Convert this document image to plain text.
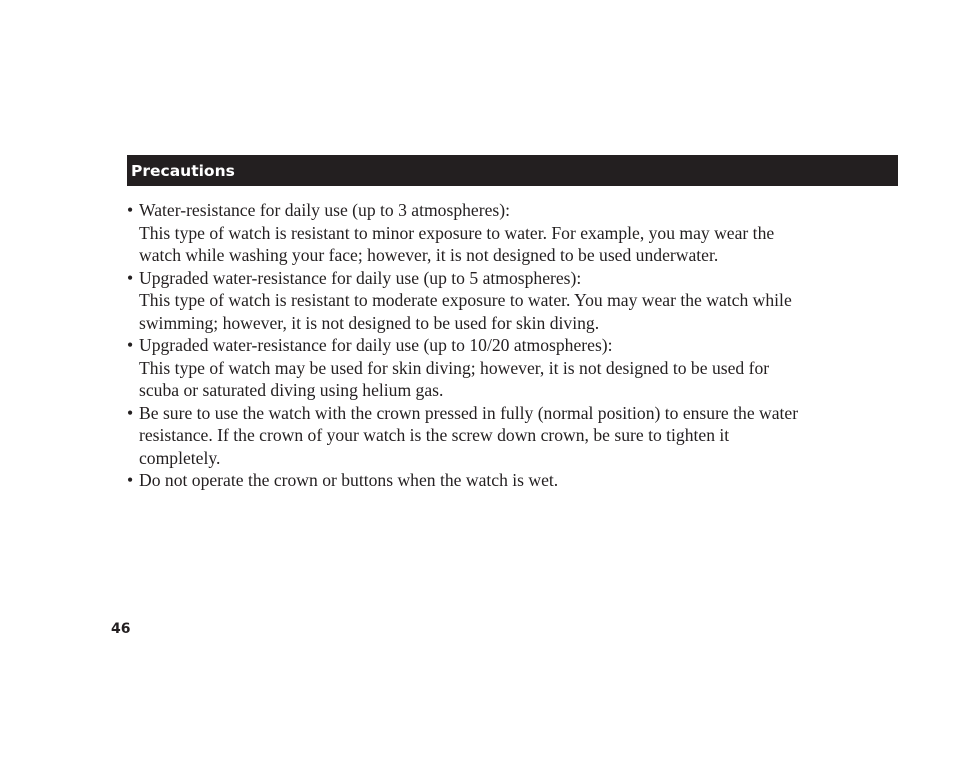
Precautions
• Water-resistance for daily use (up to 3 atmospheres):
This type of watch is resistant to minor exposure to water. For example, you may wear the watch while washing your face; however, it is not designed to be used underwater.
• Upgraded water-resistance for daily use (up to 5 atmospheres):
This type of watch is resistant to moderate exposure to water. You may wear the watch while swimming; however, it is not designed to be used for skin diving.
• Upgraded water-resistance for daily use (up to 10/20 atmospheres):
This type of watch may be used for skin diving; however, it is not designed to be used for scuba or saturated diving using helium gas.
• Be sure to use the watch with the crown pressed in fully (normal position) to ensure the water resistance. If the crown of your watch is the screw down crown, be sure to tighten it completely.
• Do not operate the crown or buttons when the watch is wet.
46
